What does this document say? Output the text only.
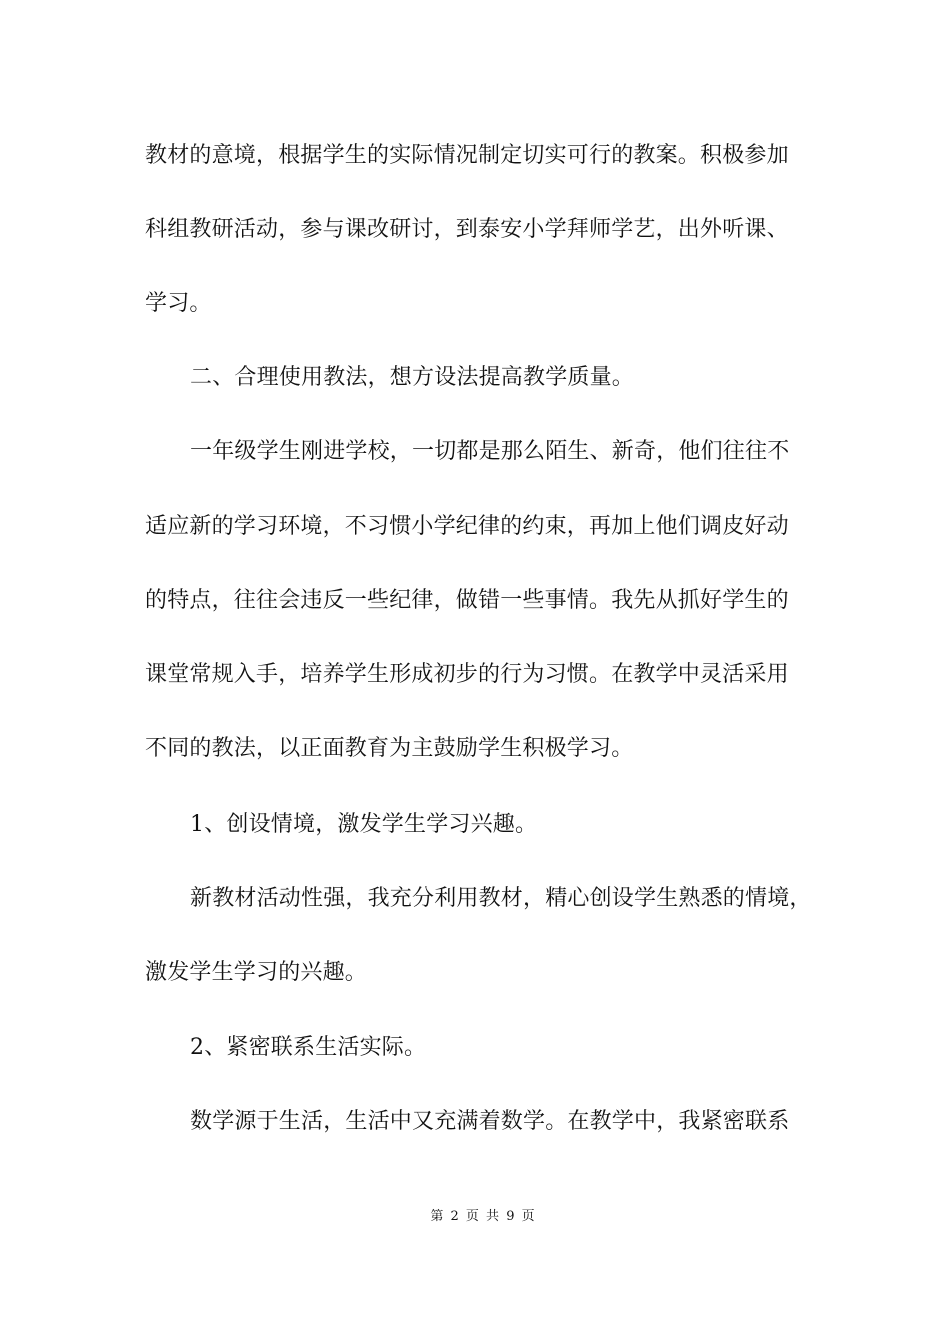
教材的意境，根据学生的实际情况制定切实可行的教案。积极参加
科组教研活动，参与课改研讨，到泰安小学拜师学艺，出外听课、
学习。
二、合理使用教法，想方设法提高教学质量。
一年级学生刚进学校，一切都是那么陌生、新奇，他们往往不
适应新的学习环境，不习惯小学纪律的约束，再加上他们调皮好动
的特点，往往会违反一些纪律，做错一些事情。我先从抓好学生的
课堂常规入手，培养学生形成初步的行为习惯。在教学中灵活采用
不同的教法，以正面教育为主鼓励学生积极学习。
1、创设情境，激发学生学习兴趣。
新教材活动性强，我充分利用教材，精心创设学生熟悉的情境，
激发学生学习的兴趣。
2、紧密联系生活实际。
数学源于生活，生活中又充满着数学。在教学中，我紧密联系
第 2 页 共 9 页
